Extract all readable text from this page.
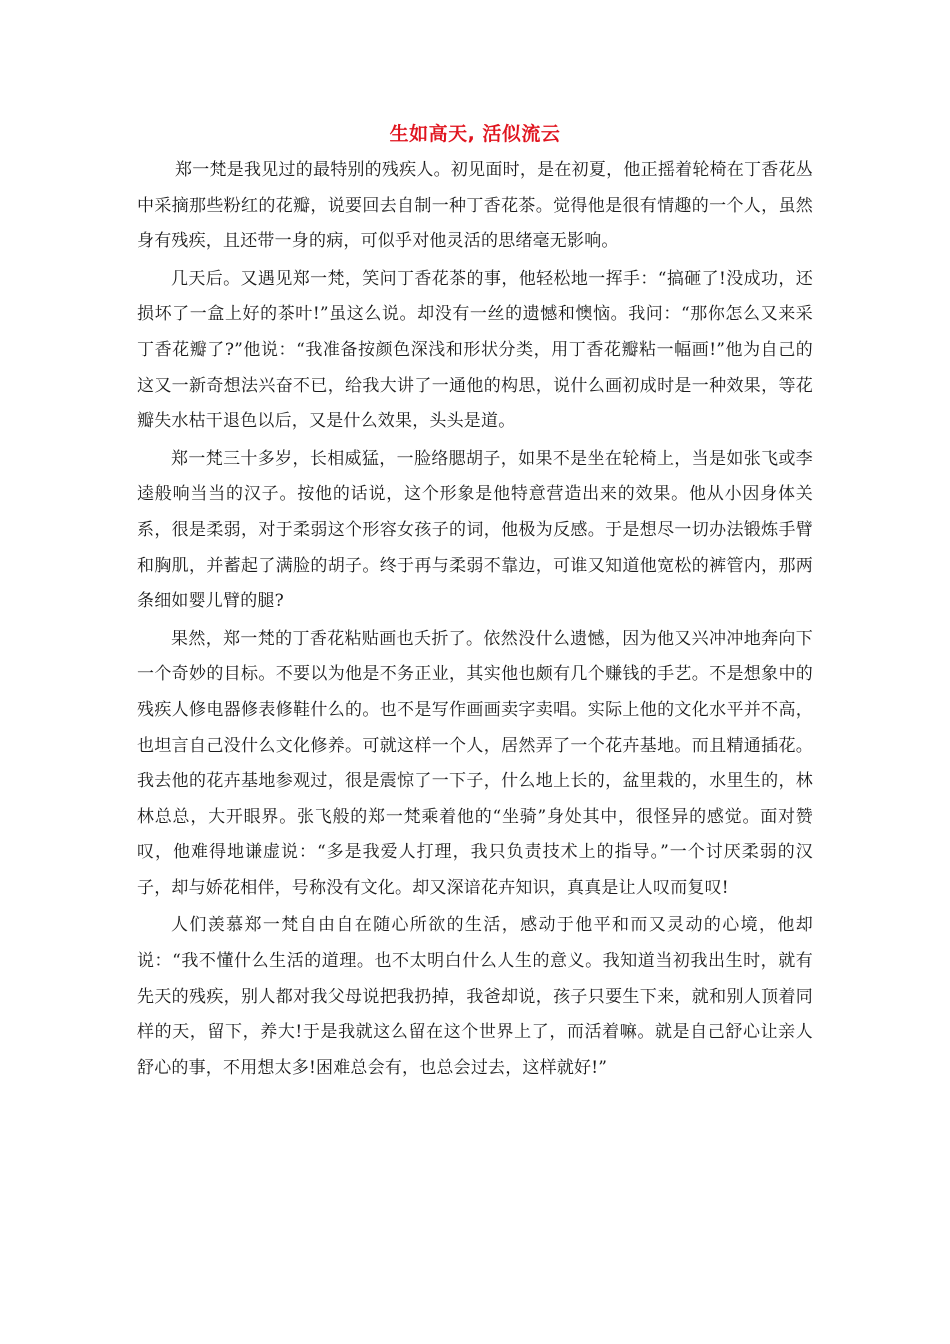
生如高天, 活似流云

郑一梵是我见过的最特别的残疾人。初见面时，是在初夏，他正摇着轮椅在丁香花丛中采摘那些粉红的花瓣，说要回去自制一种丁香花茶。觉得他是很有情趣的一个人，虽然身有残疾，且还带一身的病，可似乎对他灵活的思绪毫无影响。

几天后。又遇见郑一梵，笑问丁香花茶的事，他轻松地一挥手：“搞砸了!没成功，还损坏了一盒上好的茶叶!”虽这么说。却没有一丝的遗憾和懊恼。我问：“那你怎么又来采丁香花瓣了?”他说：“我准备按颜色深浅和形状分类，用丁香花瓣粘一幅画!”他为自己的这又一新奇想法兴奋不已，给我大讲了一通他的构思，说什么画初成时是一种效果，等花瓣失水枯干退色以后，又是什么效果，头头是道。

郑一梵三十多岁，长相威猛，一脸络腮胡子，如果不是坐在轮椅上，当是如张飞或李逵般响当当的汉子。按他的话说，这个形象是他特意营造出来的效果。他从小因身体关系，很是柔弱，对于柔弱这个形容女孩子的词，他极为反感。于是想尽一切办法锻炼手臂和胸肌，并蓄起了满脸的胡子。终于再与柔弱不靠边，可谁又知道他宽松的裤管内，那两条细如婴儿臂的腿?

果然，郑一梵的丁香花粘贴画也夭折了。依然没什么遗憾，因为他又兴冲冲地奔向下一个奇妙的目标。不要以为他是不务正业，其实他也颇有几个赚钱的手艺。不是想象中的残疾人修电器修表修鞋什么的。也不是写作画画卖字卖唱。实际上他的文化水平并不高，也坦言自己没什么文化修养。可就这样一个人，居然弄了一个花卉基地。而且精通插花。我去他的花卉基地参观过，很是震惊了一下子，什么地上长的，盆里栽的，水里生的，林林总总，大开眼界。张飞般的郑一梵乘着他的“坐骑”身处其中，很怪异的感觉。面对赞叹，他难得地谦虚说：“多是我爱人打理，我只负责技术上的指导。”一个讨厌柔弱的汉子，却与娇花相伴，号称没有文化。却又深谙花卉知识，真真是让人叹而复叹!

人们羡慕郑一梵自由自在随心所欲的生活，感动于他平和而又灵动的心境，他却说：“我不懂什么生活的道理。也不太明白什么人生的意义。我知道当初我出生时，就有先天的残疾，别人都对我父母说把我扔掉，我爸却说，孩子只要生下来，就和别人顶着同样的天，留下，养大!于是我就这么留在这个世界上了，而活着嘛。就是自己舒心让亲人舒心的事，不用想太多!困难总会有，也总会过去，这样就好!”
